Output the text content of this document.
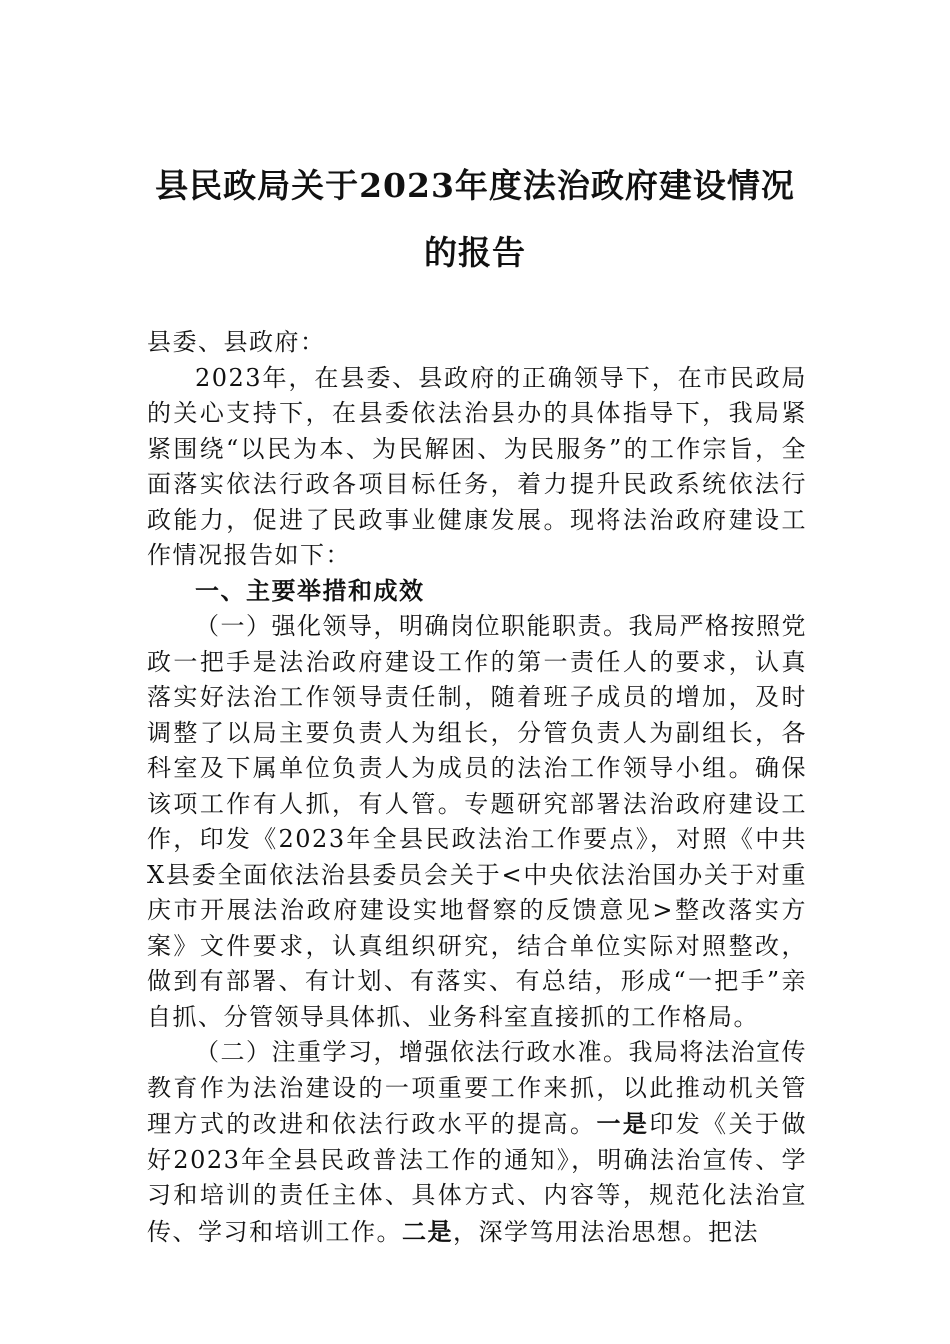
县民政局关于2023年度法治政府建设情况
的报告

县委、县政府：

2023年，在县委、县政府的正确领导下，在市民政局的关心支持下，在县委依法治县办的具体指导下，我局紧紧围绕“以民为本、为民解困、为民服务”的工作宗旨，全面落实依法行政各项目标任务，着力提升民政系统依法行政能力，促进了民政事业健康发展。现将法治政府建设工作情况报告如下：

一、主要举措和成效

（一）强化领导，明确岗位职能职责。我局严格按照党政一把手是法治政府建设工作的第一责任人的要求，认真落实好法治工作领导责任制，随着班子成员的增加，及时调整了以局主要负责人为组长，分管负责人为副组长，各科室及下属单位负责人为成员的法治工作领导小组。确保该项工作有人抓，有人管。专题研究部署法治政府建设工作，印发《2023年全县民政法治工作要点》，对照《中共X县委全面依法治县委员会关于<中央依法治国办关于对重庆市开展法治政府建设实地督察的反馈意见>整改落实方案》文件要求，认真组织研究，结合单位实际对照整改，做到有部署、有计划、有落实、有总结，形成“一把手”亲自抓、分管领导具体抓、业务科室直接抓的工作格局。

（二）注重学习，增强依法行政水准。我局将法治宣传教育作为法治建设的一项重要工作来抓，以此推动机关管理方式的改进和依法行政水平的提高。一是印发《关于做好2023年全县民政普法工作的通知》，明确法治宣传、学习和培训的责任主体、具体方式、内容等，规范化法治宣传、学习和培训工作。二是，深学笃用法治思想。把法
